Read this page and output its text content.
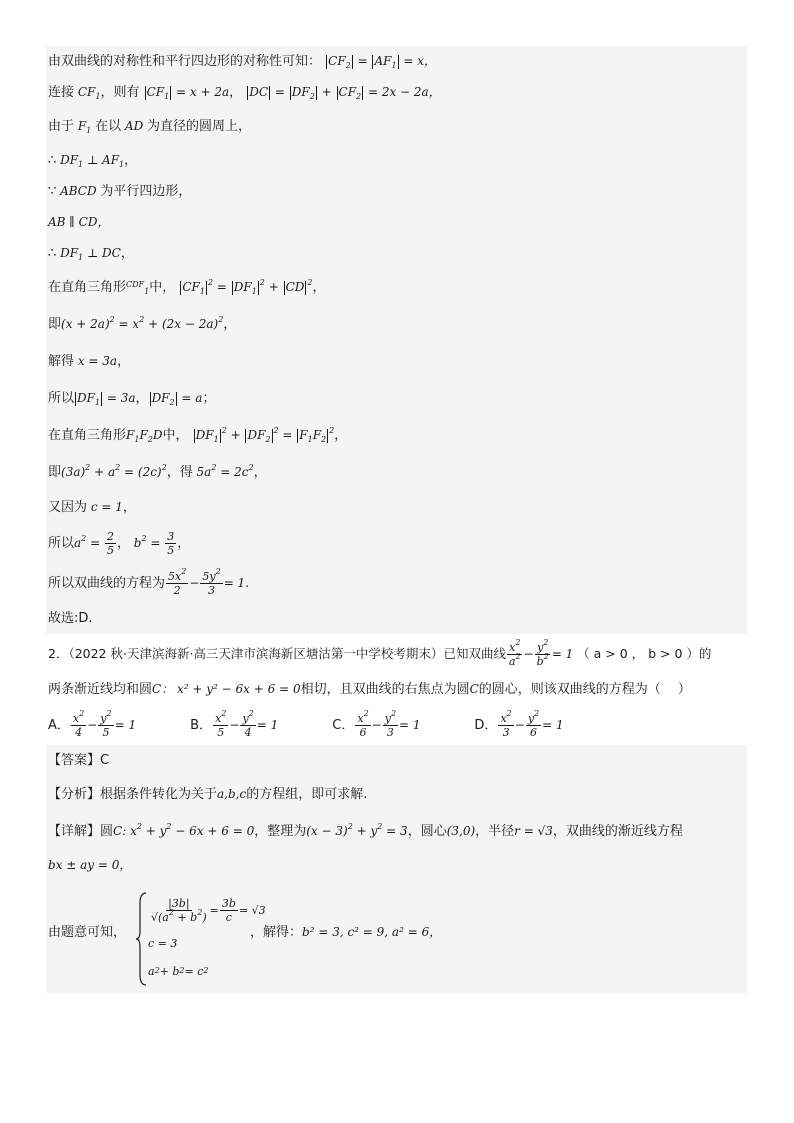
由双曲线的对称性和平行四边形的对称性可知： $CF_2 = AF_1 = x$，
连接 $CF_1$，则有 $CF_1 = x + 2a$， DC = $DF_2 + CF_2 = 2x - 2a$，
由于 $F_1$ 在以 AD 为直径的圆周上，
∴ $DF_1$ ⊥ $AF_1$，
∵ ABCD 为平行四边形，
AB ∥ CD，
∴ $DF_1$ ⊥ DC，
在直角三角形$^{CDF}_1$中， $CF_1^2 = DF_1^2$ + CD $^2$，
即$(x + 2a)^2 = x^2 + (2x - 2a)^2$，
解得 x = 3a，
所以 $DF_1 = 3a$， $DF_2 = a$；
在直角三角形$F_1F_2D$中， $DF_1^2 + DF_2^2 = F_1F_2^2$，
即$(3a)^2 + a^2 = (2c)^2$，得 $5a^2 = 2c^2$，
又因为 c = 1，
所以$a^2 = \frac{2}{5}$ ， $b^2 = \frac{3}{5}$ ，
所以双曲线的方程为 $\frac{5x^2}{2} - \frac{5y^2}{3} = 1$.
故选:D.
2．（2022 秋·天津滨海新·高三天津市滨海新区塘沽第一中学校考期末）已知双曲线 $\frac{x^2}{a^2} - \frac{y^2}{b^2} = 1$ （ a > 0 ， b > 0 ）的
两条渐近线均和圆C： x² + y² − 6x + 6 = 0相切，且双曲线的右焦点为圆C的圆心，则该双曲线的方程为（　 ）
A． $\frac{x^2}{4} - \frac{y^2}{5} = 1$	B． $\frac{x^2}{5} - \frac{y^2}{4} = 1$	C． $\frac{x^2}{6} - \frac{y^2}{3} = 1$	D． $\frac{x^2}{3} - \frac{y^2}{6} = 1$
【答案】C
【分析】根据条件转化为关于a,b,c的方程组，即可求解.
【详解】圆C: $x^2 + y^2 - 6x + 6 = 0$，整理为$(x - 3)^2 + y^2 = 3$，圆心(3,0)，半径r = √3，双曲线的渐近线方程
bx ± ay = 0，
由题意可知，
$\frac{|3b|}{√(a^2 + b^2)} = \frac{3b}{c} = √3$
c = 3
a 2 + b 2 = c 2
，解得：b² = 3, c² = 9, a² = 6，
